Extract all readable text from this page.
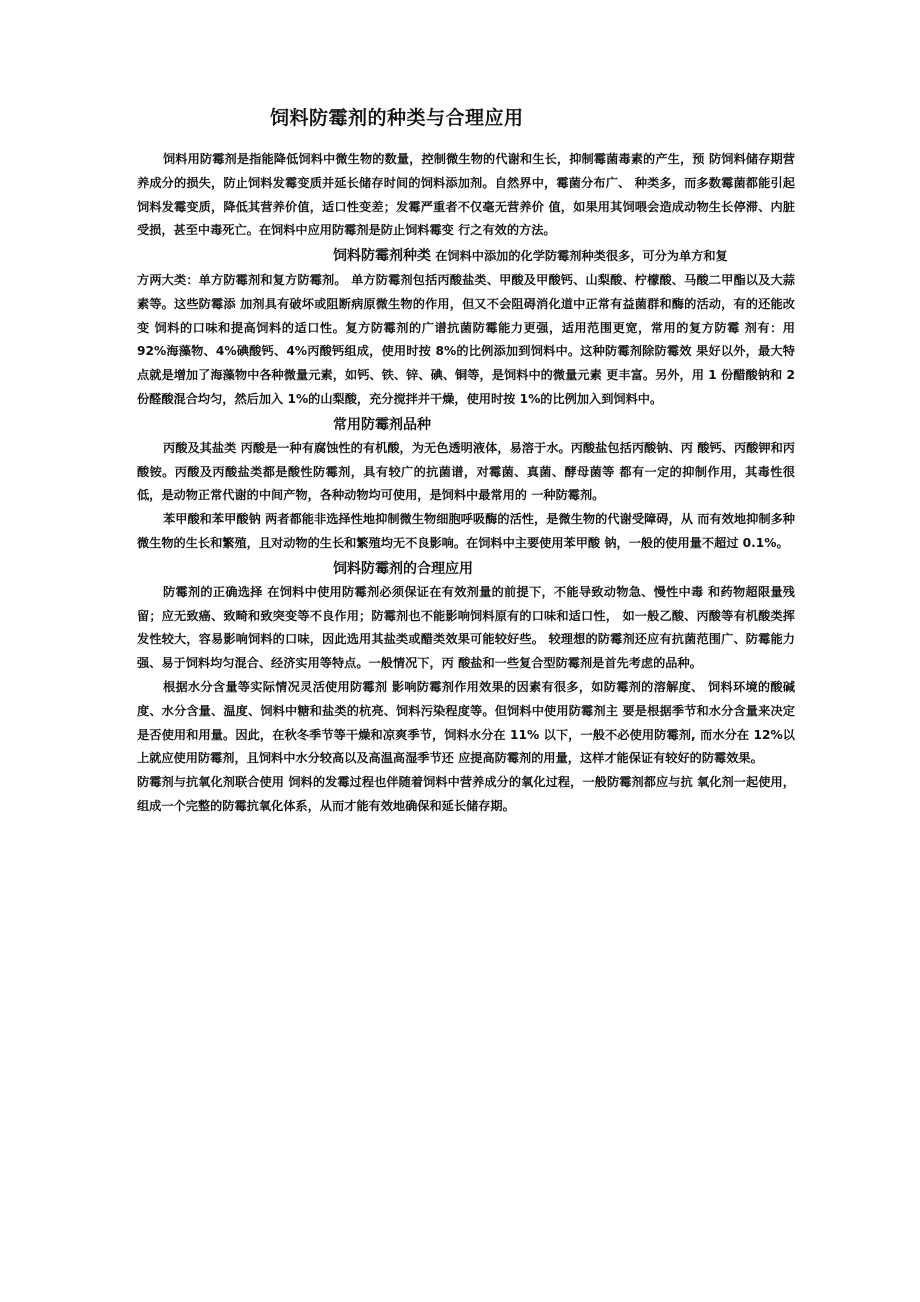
饲料防霉剂的种类与合理应用

饲料用防霉剂是指能降低饲料中微生物的数量，控制微生物的代谢和生长，抑制霉菌毒素的产生，预 防饲料储存期营养成分的损失，防止饲料发霉变质并延长储存时间的饲料添加剂。自然界中，霉菌分布广、 种类多，而多数霉菌都能引起饲料发霉变质，降低其营养价值，适口性变差；发霉严重者不仅毫无营养价 值，如果用其饲喂会造成动物生长停滞、内脏受损，甚至中毒死亡。在饲料中应用防霉剂是防止饲料霉变 行之有效的方法。

饲料防霉剂种类 在饲料中添加的化学防霉剂种类很多，可分为单方和复

方两大类：单方防霉剂和复方防霉剂。 单方防霉剂包括丙酸盐类、甲酸及甲酸钙、山梨酸、柠檬酸、马酸二甲酯以及大蒜素等。这些防霉添 加剂具有破坏或阻断病原微生物的作用，但又不会阻碍消化道中正常有益菌群和酶的活动，有的还能改变 饲料的口味和提高饲料的适口性。复方防霉剂的广谱抗菌防霉能力更强，适用范围更宽，常用的复方防霉 剂有：用 92%海藻物、4%碘酸钙、4%丙酸钙组成，使用时按 8%的比例添加到饲料中。这种防霉剂除防霉效 果好以外，最大特点就是增加了海藻物中各种微量元素，如钙、铁、锌、碘、铜等，是饲料中的微量元素 更丰富。另外，用 1 份醋酸钠和 2 份醛酸混合均匀，然后加入 1%的山梨酸，充分搅拌并干燥，使用时按 1%的比例加入到饲料中。

常用防霉剂品种

丙酸及其盐类 丙酸是一种有腐蚀性的有机酸，为无色透明液体，易溶于水。丙酸盐包括丙酸钠、丙 酸钙、丙酸钾和丙酸铵。丙酸及丙酸盐类都是酸性防霉剂，具有较广的抗菌谱，对霉菌、真菌、酵母菌等 都有一定的抑制作用，其毒性很低，是动物正常代谢的中间产物，各种动物均可使用，是饲料中最常用的 一种防霉剂。

苯甲酸和苯甲酸钠 两者都能非选择性地抑制微生物细胞呼吸酶的活性，是微生物的代谢受障碍，从 而有效地抑制多种微生物的生长和繁殖，且对动物的生长和繁殖均无不良影响。在饲料中主要使用苯甲酸 钠，一般的使用量不超过 0.1%。

饲料防霉剂的合理应用

防霉剂的正确选择 在饲料中使用防霉剂必须保证在有效剂量的前提下，不能导致动物急、慢性中毒 和药物超限量残留；应无致癌、致畸和致突变等不良作用；防霉剂也不能影响饲料原有的口味和适口性， 如一般乙酸、丙酸等有机酸类挥发性较大，容易影响饲料的口味，因此选用其盐类或醋类效果可能较好些。 较理想的防霉剂还应有抗菌范围广、防霉能力强、易于饲料均匀混合、经济实用等特点。一般情况下，丙 酸盐和一些复合型防霉剂是首先考虑的品种。

根据水分含量等实际情况灵活使用防霉剂 影响防霉剂作用效果的因素有很多，如防霉剂的溶解度、 饲料环境的酸碱度、水分含量、温度、饲料中糖和盐类的杭亮、饲料污染程度等。但饲料中使用防霉剂主 要是根据季节和水分含量来决定是否使用和用量。因此，在秋冬季节等干燥和凉爽季节，饲料水分在 11% 以下，一般不必使用防霉剂, 而水分在 12%以上就应使用防霉剂，且饲料中水分较高以及高温高湿季节还 应提高防霉剂的用量，这样才能保证有较好的防霉效果。

防霉剂与抗氧化剂联合使用 饲料的发霉过程也伴随着饲料中营养成分的氧化过程，一般防霉剂都应与抗 氧化剂一起使用，组成一个完整的防霉抗氧化体系，从而才能有效地确保和延长储存期。
